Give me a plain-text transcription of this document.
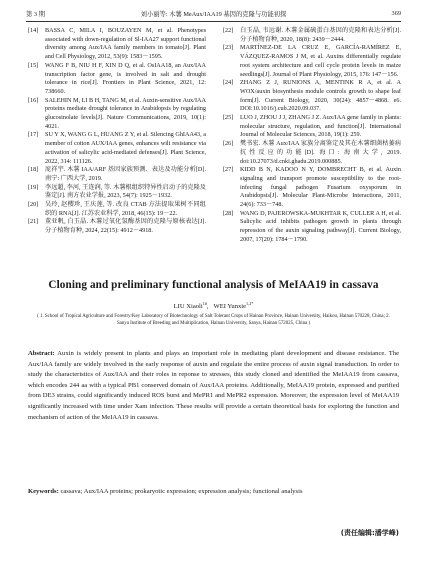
第 3 期	刘小丽等: 木薯 MeAux/IAA19 基因的克隆与功能初探	369
[14]	BASSA C, MILA I, BOUZAYEN M, et al. Phenotypes associated with down-regulation of Sl-IAA27 support functional diversity among Aux/IAA family members in tomato[J]. Plant and Cell Physiology, 2012, 53(9): 1583－1595.
[15]	WANG F B, NIU H F, XIN D Q, et al. OsIAA18, an Aux/IAA transcription factor gene, is involved in salt and drought tolerance in rice[J]. Frontiers in Plant Science, 2021, 12: 738660.
[16]	SALEHIN M, LI B H, TANG M, et al. Auxin-sensitive Aux/IAA proteins mediate drought tolerance in Arabidopsis by regulating glucosinolate levels[J]. Nature Communications, 2019, 10(1): 4021.
[17]	SU Y X, WANG G L, HUANG Z Y, et al. Silencing GhIAA43, a member of cotton AUX/IAA genes, enhances wilt resistance via activation of salicylic acid-mediated defenses[J]. Plant Science, 2022, 314: 111126.
[18]	庞祥宇. 木薯 IAA/ARF 基因家族预测、表达及功能分析[D]. 南宁: 广西大学, 2019.
[19]	李远超, 李河, 王连润, 等. 木薯根组织特异性启动子的克隆及鉴定[J]. 南方农业学报, 2023, 54(7): 1925－1932.
[20]	吴玲, 赵樱珍, 王庆莲, 等. 改良 CTAB 方法提取果树不同组织的 RNA[J]. 江苏农业科学, 2018, 46(15): 19－22.
[21]	董亚帆, 白玉晶. 木薯过氧化氢酶基因的克隆与原核表达[J]. 分子植物育种, 2024, 22(15): 4912－4918.
[22]	白玉晶, 韦远谢. 木薯金属硫蛋白基因的克隆和表达分析[J]. 分子植物育种, 2020, 18(8): 2439－2444.
[23]	MARTÍNEZ-DE LA CRUZ E, GARCÍA-RAMÍREZ E, VÁZQUEZ-RAMOS J M, et al. Auxins differentially regulate root system architecture and cell cycle protein levels in maize seedlings[J]. Journal of Plant Physiology, 2015, 176: 147－156.
[24]	ZHANG Z J, RUNIONS A, MENTINK R A, et al. A WOX/auxin biosynthesis module controls growth to shape leaf form[J]. Current Biology, 2020, 30(24): 4857－4868. e6. DOI:10.1016/j.cub.2020.09.037.
[25]	LUO J, ZHOU J J, ZHANG J Z. Aux/IAA gene family in plants: molecular structure, regulation, and function[J]. International Journal of Molecular Sciences, 2018, 19(1): 259.
[26]	樊书宏. 木薯 Aux/IAA 家族分离鉴定及其在木薯细菌枯萎病抗性反应的功能[D]. 海口: 海南大学, 2019. doi:10.27073/d.cnki.ghadu.2019.000885.
[27]	KIDD B N, KADOO N Y, DOMBRECHT B, et al. Auxin signaling and transport promote susceptibility to the root-infecting fungal pathogen Fusarium oxysporum in Arabidopsis[J]. Molecular Plant-Microbe Interactions, 2011, 24(6): 733－748.
[28]	WANG D, PAJEROWSKA-MUKHTAR K, CULLER A H, et al. Salicylic acid inhibits pathogen growth in plants through repression of the auxin signaling pathway[J]. Current Biology, 2007, 17(20): 1784－1790.
Cloning and preliminary functional analysis of MeIAA19 in cassava
LIU Xiaoli$^{1\#}$,   WEI Yunxie$^{1,2*}$
( 1. School of Tropical Agriculture and Forestry/Key Laboratory of Biotechnology of Salt Tolerant Crops of Hainan Province, Hainan University, Haikou, Hainan 570228, China; 2. Sanya Institute of Breeding and Multiplication, Hainan University, Sanya, Hainan 572025, China )
Abstract: Auxin is widely present in plants and plays an important role in mediating plant development and disease resistance. The Aux/IAA family are widely involved in the early response of auxin and regulate the entire process of auxin signal transduction. In order to study the characteristics of Aux/IAA and their roles in reponse to stresses, this study cloned and identified the MeIAA19 from cassava, which encodes 244 aa with a typical PB1 conserved domain of Aux/IAA proteins. Additionally, MeIAA19 protein, expressed and purified from DE3 strains, could significantly induced ROS burst and MePR1 and MePR2 expression. Moreover, the expression level of MeIAA19 significantly increased with time under Xam infection. These results will provide a certain theoretical basis for exploring the function and mechanism of action of the MeIAA19 in cassava.
Keywords: cassava; Aux/IAA proteins; prokaryotic expression; expression analysis; functional analysis
(责任编辑:潘学峰)
